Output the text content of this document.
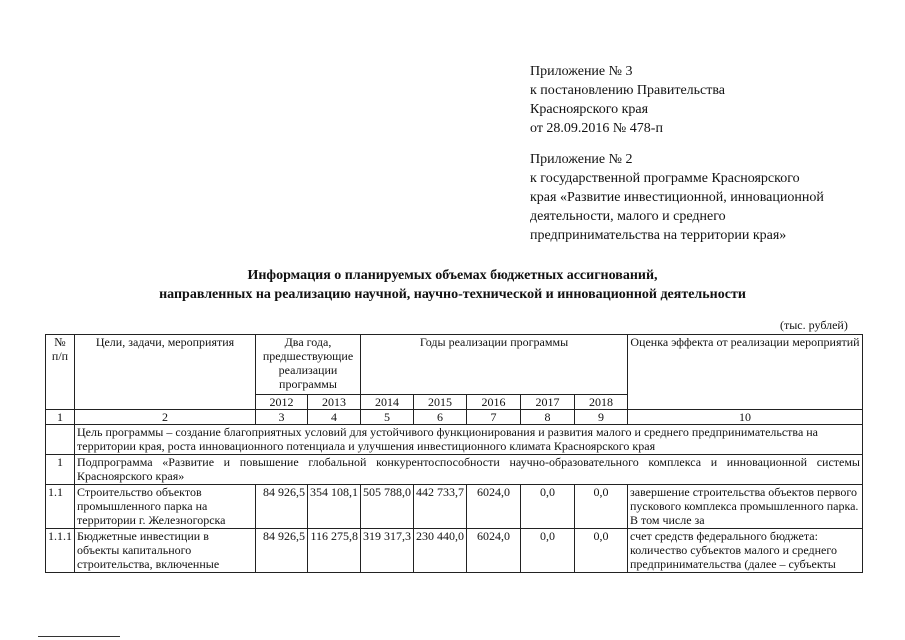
Приложение № 3
к постановлению Правительства
Красноярского края
от 28.09.2016 № 478-п
Приложение № 2
к государственной программе Красноярского
края «Развитие инвестиционной, инновационной
деятельности, малого и среднего
предпринимательства на территории края»
Информация о планируемых объемах бюджетных ассигнований,
направленных на реализацию научной, научно-технической и инновационной деятельности
(тыс. рублей)
№ п/п	Цели, задачи, мероприятия	Два года, предшествующие реализации программы		Годы реализации программы					Оценка эффекта от реализации мероприятий
		2012	2013	2014	2015	2016	2017	2018	
1	2	3	4	5	6	7	8	9	10
	Цель программы – создание благоприятных условий для устойчивого функционирования и развития малого и среднего предпринимательства на территории края, роста инновационного потенциала и улучшения инвестиционного климата Красноярского края								
1	Подпрограмма «Развитие и повышение глобальной конкурентоспособности научно-образовательного комплекса и инновационной системы Красноярского края»								
1.1	Строительство объектов промышленного парка на территории г. Железногорска	84 926,5	354 108,1	505 788,0	442 733,7	6024,0	0,0	0,0	завершение строительства объектов первого пускового комплекса промышленного парка. В том числе за
1.1.1	Бюджетные инвестиции в объекты капитального строительства, включенные	84 926,5	116 275,8	319 317,3	230 440,0	6024,0	0,0	0,0	счет средств федерального бюджета: количество субъектов малого и среднего предпринимательства (далее – субъекты
